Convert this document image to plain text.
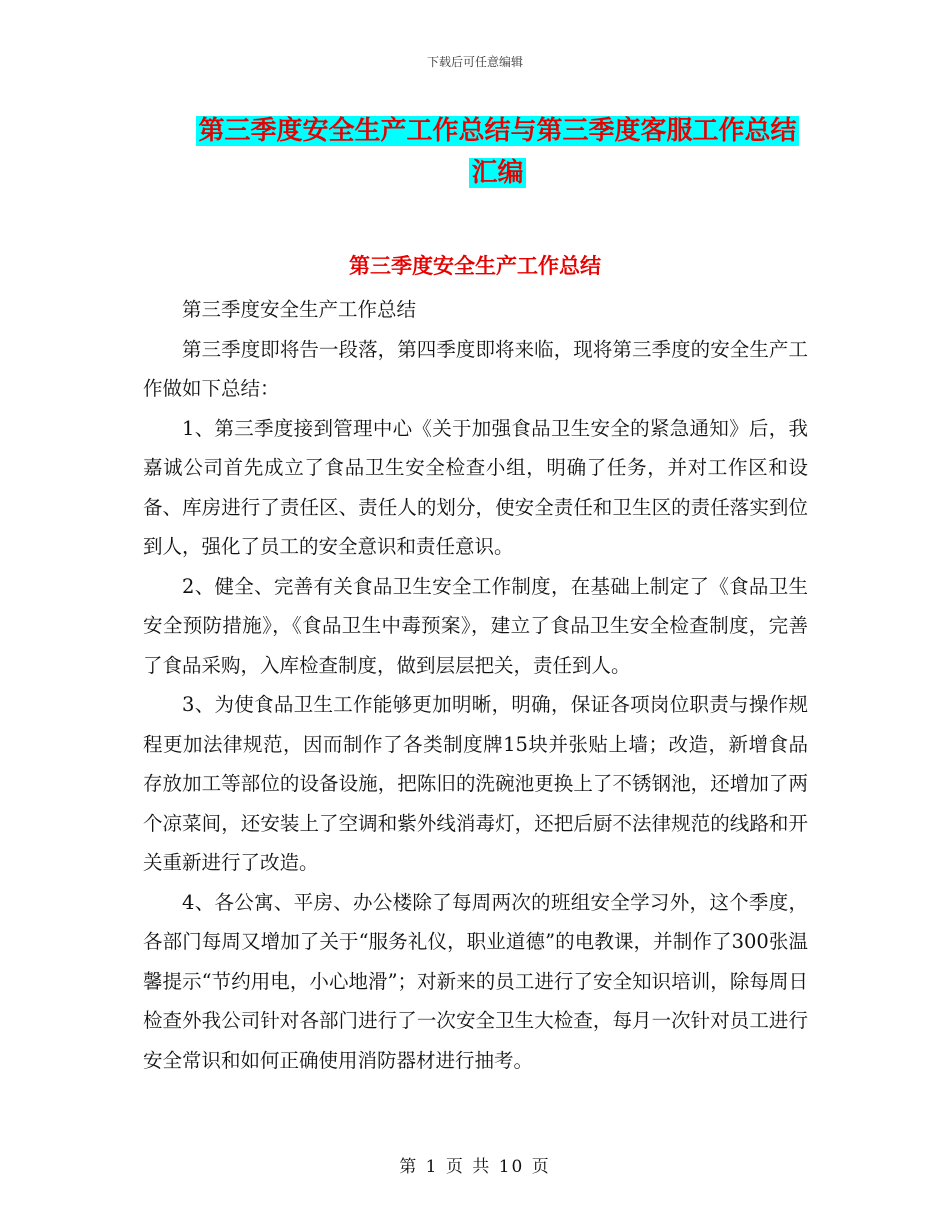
下载后可任意编辑
第三季度安全生产工作总结与第三季度客服工作总结
汇编
第三季度安全生产工作总结

第三季度安全生产工作总结

第三季度即将告一段落，第四季度即将来临，现将第三季度的安全生产工作做如下总结：

1、第三季度接到管理中心《关于加强食品卫生安全的紧急通知》后，我嘉诚公司首先成立了食品卫生安全检查小组，明确了任务，并对工作区和设备、库房进行了责任区、责任人的划分，使安全责任和卫生区的责任落实到位到人，强化了员工的安全意识和责任意识。

2、健全、完善有关食品卫生安全工作制度，在基础上制定了《食品卫生安全预防措施》，《食品卫生中毒预案》，建立了食品卫生安全检查制度，完善了食品采购，入库检查制度，做到层层把关，责任到人。

3、为使食品卫生工作能够更加明晰，明确，保证各项岗位职责与操作规程更加法律规范，因而制作了各类制度牌15块并张贴上墙；改造，新增食品存放加工等部位的设备设施，把陈旧的洗碗池更换上了不锈钢池，还增加了两个凉菜间，还安装上了空调和紫外线消毒灯，还把后厨不法律规范的线路和开关重新进行了改造。

4、各公寓、平房、办公楼除了每周两次的班组安全学习外，这个季度，各部门每周又增加了关于“服务礼仪，职业道德”的电教课，并制作了300张温馨提示“节约用电，小心地滑”；对新来的员工进行了安全知识培训，除每周日检查外我公司针对各部门进行了一次安全卫生大检查，每月一次针对员工进行安全常识和如何正确使用消防器材进行抽考。

第 1 页 共 10 页
